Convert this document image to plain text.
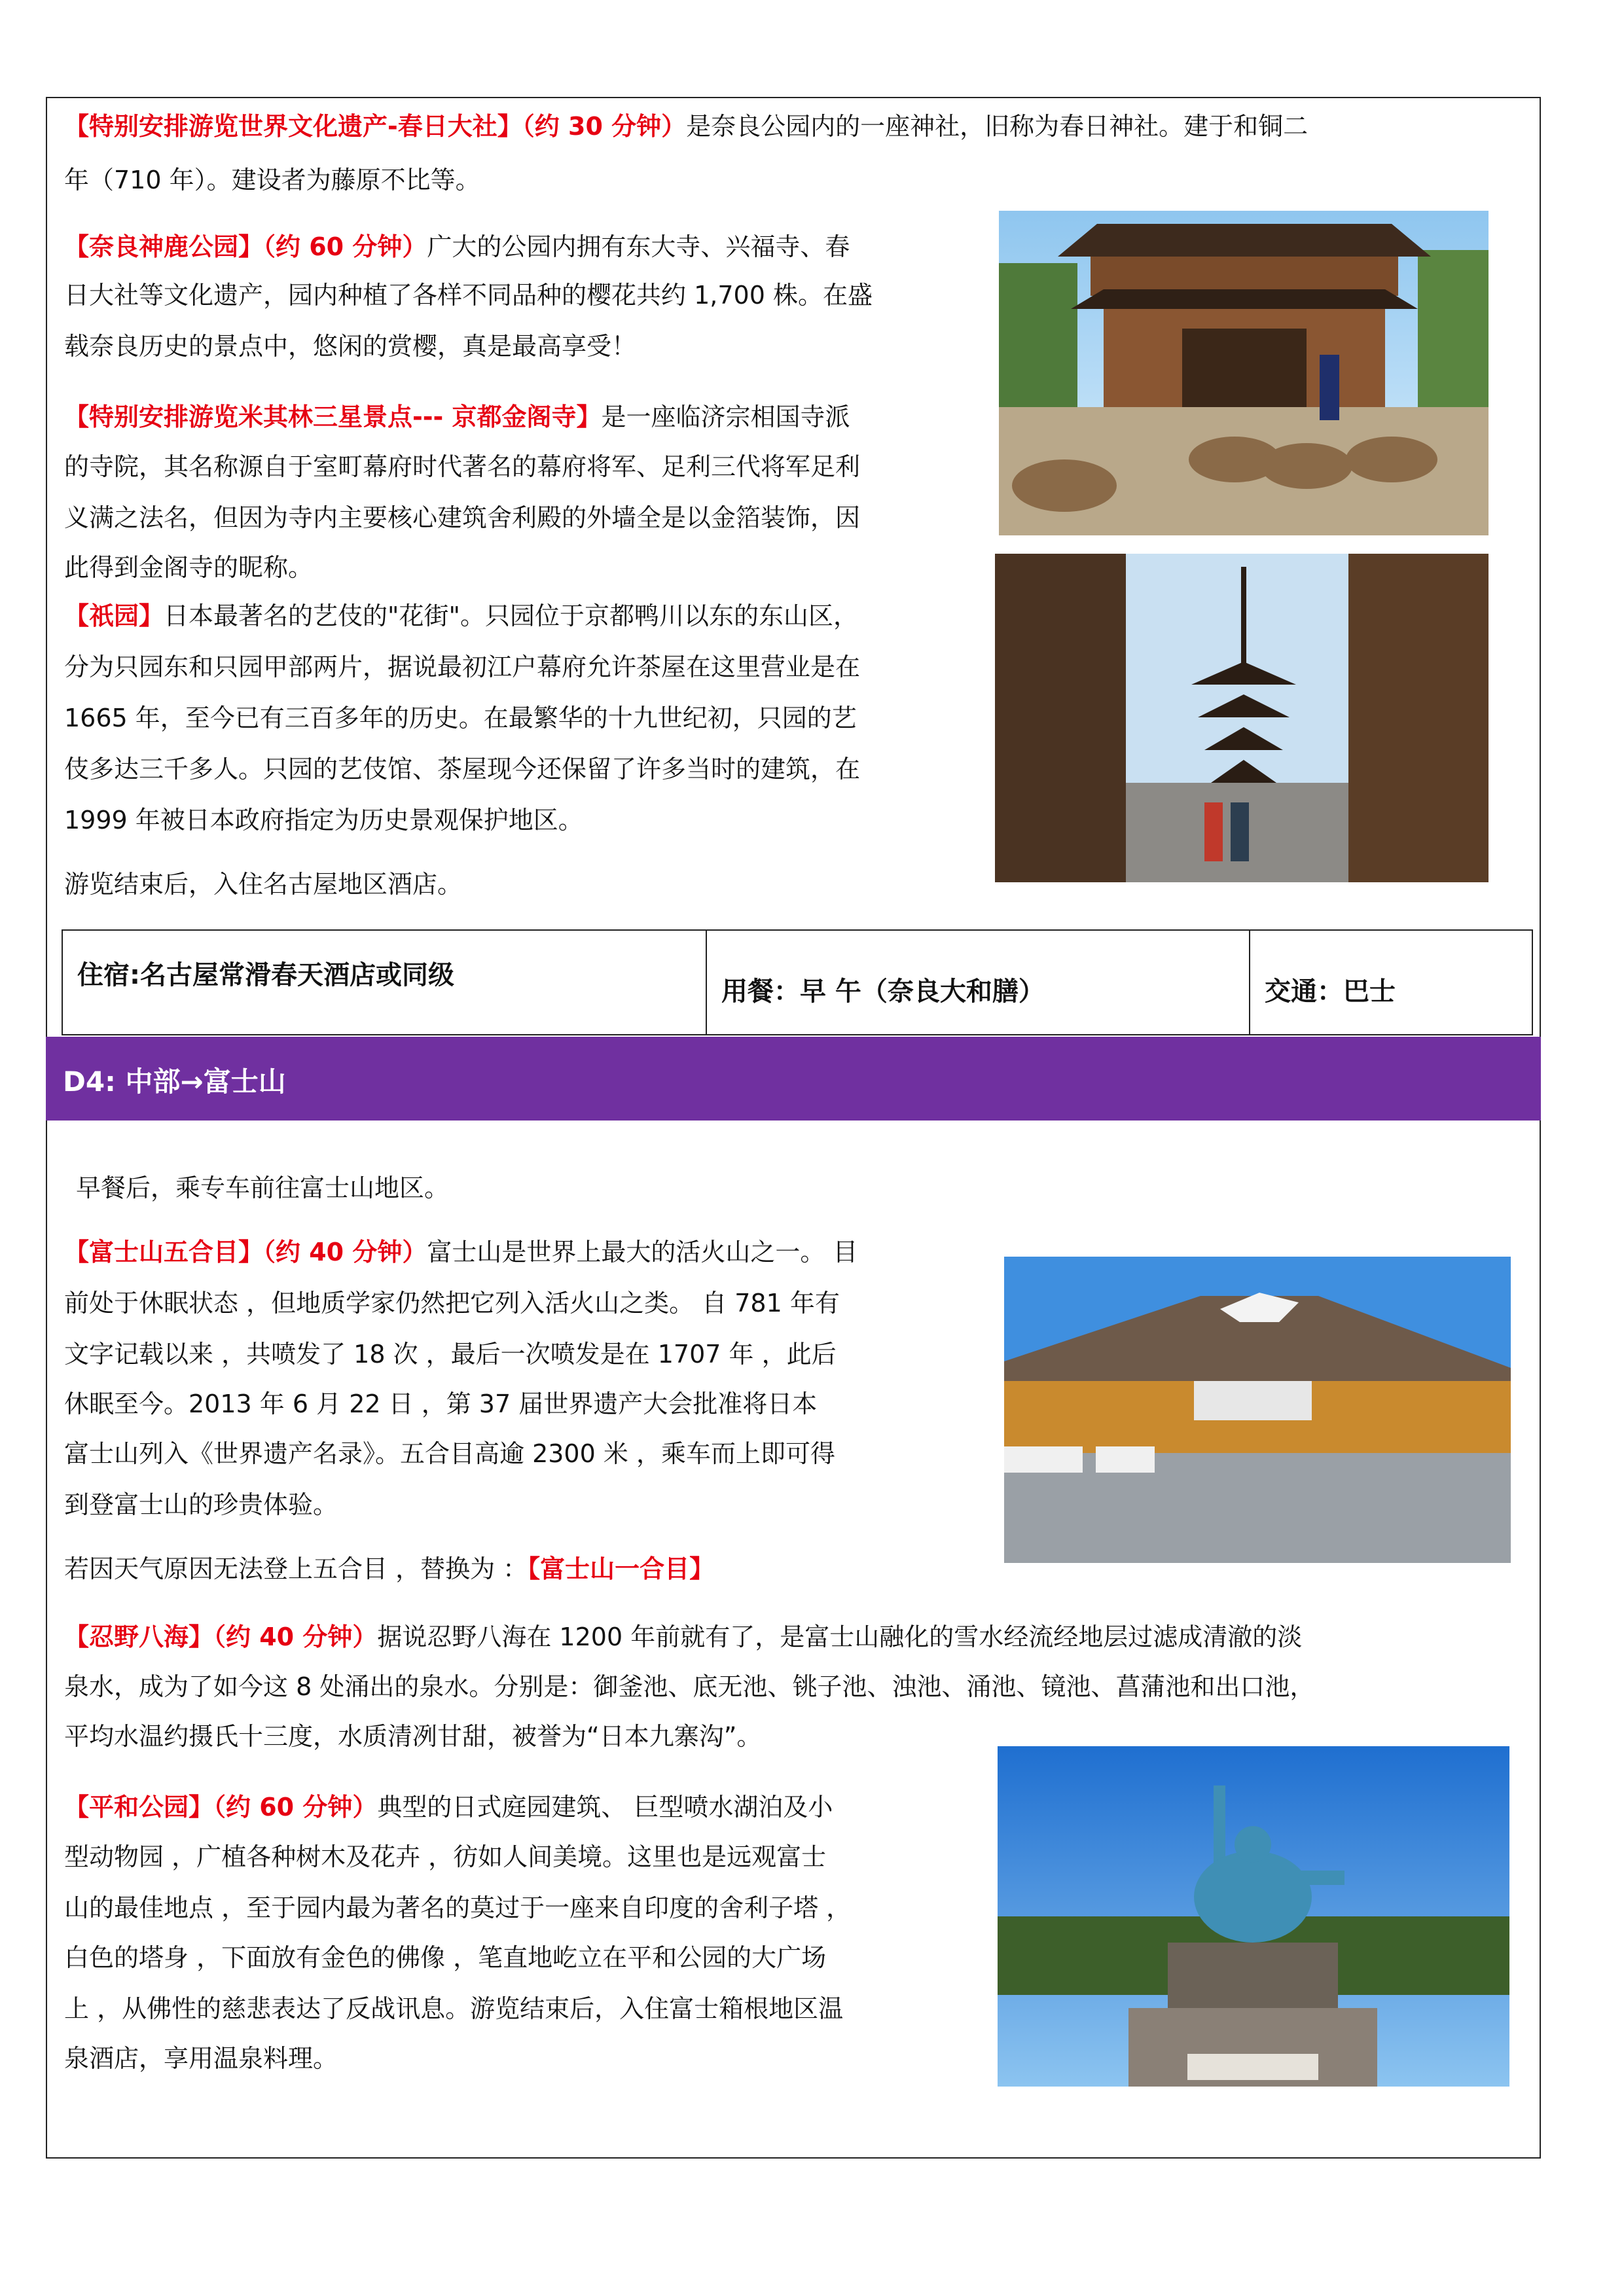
【特别安排游览世界文化遗产-春日大社】（约 30 分钟）是奈良公园内的一座神社，旧称为春日神社。建于和铜二

年（710 年）。建设者为藤原不比等。

【奈良神鹿公园】（约 60 分钟）广大的公园内拥有东大寺、兴福寺、春

日大社等文化遗产，园内种植了各样不同品种的樱花共约 1,700 株。在盛

载奈良历史的景点中，悠闲的赏樱，真是最高享受！

【特别安排游览米其林三星景点--- 京都金阁寺】是一座临济宗相国寺派

的寺院，其名称源自于室町幕府时代著名的幕府将军、足利三代将军足利

义满之法名，但因为寺内主要核心建筑舍利殿的外墙全是以金箔装饰，因

此得到金阁寺的昵称。

【祇园】日本最著名的艺伎的"花街"。只园位于京都鸭川以东的东山区，

分为只园东和只园甲部两片，据说最初江户幕府允许茶屋在这里营业是在

1665 年，至今已有三百多年的历史。在最繁华的十九世纪初，只园的艺

伎多达三千多人。只园的艺伎馆、茶屋现今还保留了许多当时的建筑，在

1999 年被日本政府指定为历史景观保护地区。

游览结束后，入住名古屋地区酒店。

住宿:名古屋常滑春天酒店或同级
用餐：早 午（奈良大和膳）	交通：巴士
D4: 中部→富士山

早餐后，乘专车前往富士山地区。

【富士山五合目】（约 40 分钟）富士山是世界上最大的活火山之一。 目

前处于休眠状态 ，但地质学家仍然把它列入活火山之类。 自 781 年有

文字记载以来 ，共喷发了 18 次 ，最后一次喷发是在 1707 年 ，此后

休眠至今。2013 年 6 月 22 日 ，第 37 届世界遗产大会批准将日本

富士山列入《世界遗产名录》。五合目高逾 2300 米 ，乘车而上即可得

到登富士山的珍贵体验。

若因天气原因无法登上五合目 ，替换为 ：【富士山一合目】

【忍野八海】（约 40 分钟）据说忍野八海在 1200 年前就有了，是富士山融化的雪水经流经地层过滤成清澈的淡

泉水，成为了如今这 8 处涌出的泉水。分别是：御釜池、底无池、铫子池、浊池、涌池、镜池、菖蒲池和出口池，

平均水温约摄氏十三度，水质清冽甘甜，被誉为“日本九寨沟”。

【平和公园】（约 60 分钟）典型的日式庭园建筑、 巨型喷水湖泊及小

型动物园 ，广植各种树木及花卉 ，彷如人间美境。这里也是远观富士

山的最佳地点 ，至于园内最为著名的莫过于一座来自印度的舍利子塔 ，

白色的塔身 ，下面放有金色的佛像 ，笔直地屹立在平和公园的大广场

上 ，从佛性的慈悲表达了反战讯息。游览结束后，入住富士箱根地区温

泉酒店，享用温泉料理。
